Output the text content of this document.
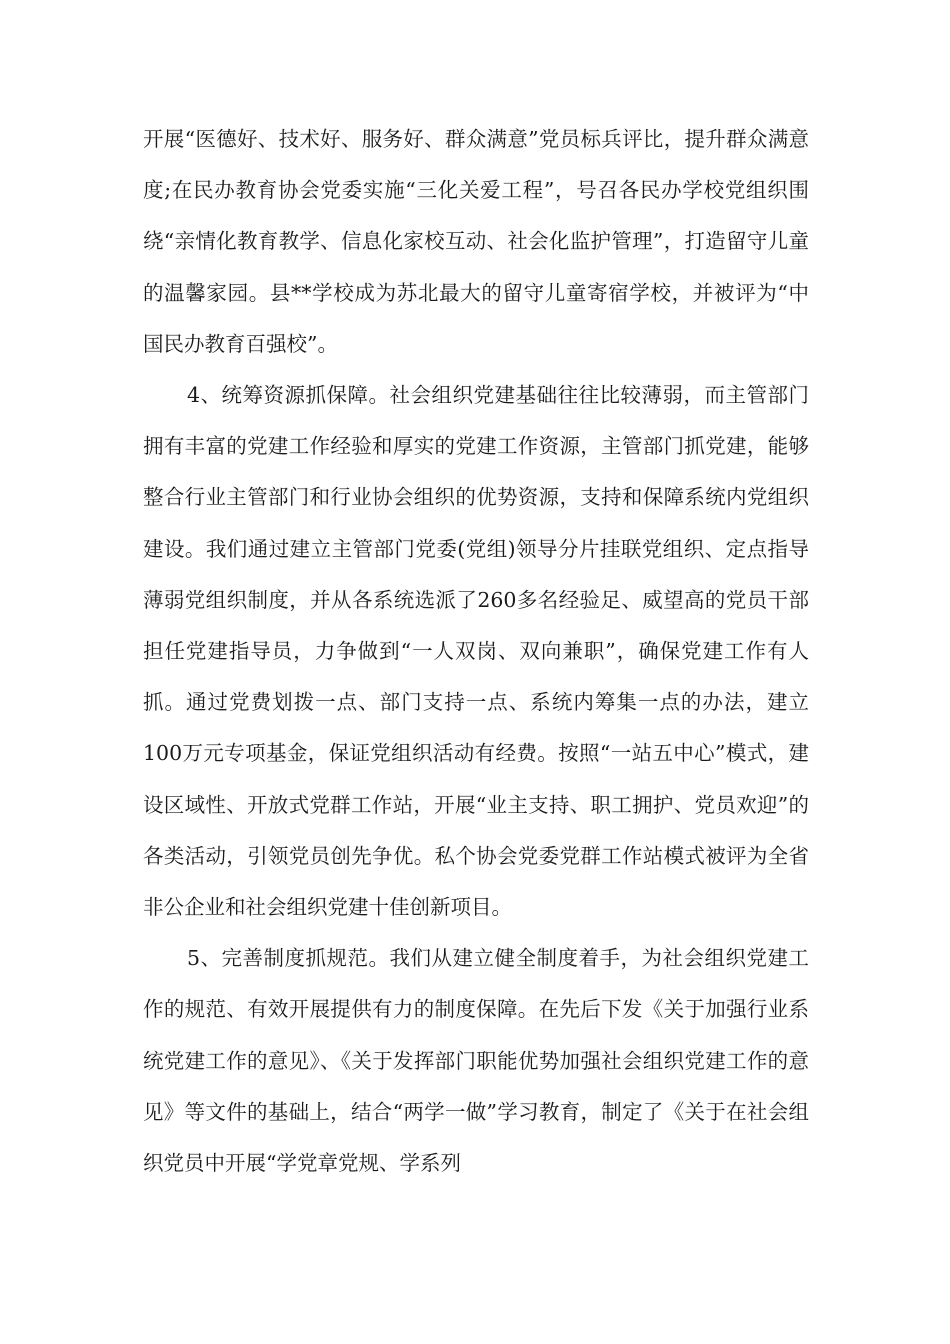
开展“医德好、技术好、服务好、群众满意”党员标兵评比，提升群众满意度;在民办教育协会党委实施“三化关爱工程”，号召各民办学校党组织围绕“亲情化教育教学、信息化家校互动、社会化监护管理”，打造留守儿童的温馨家园。县**学校成为苏北最大的留守儿童寄宿学校，并被评为“中国民办教育百强校”。

4、统筹资源抓保障。社会组织党建基础往往比较薄弱，而主管部门拥有丰富的党建工作经验和厚实的党建工作资源，主管部门抓党建，能够整合行业主管部门和行业协会组织的优势资源，支持和保障系统内党组织建设。我们通过建立主管部门党委(党组)领导分片挂联党组织、定点指导薄弱党组织制度，并从各系统选派了260多名经验足、威望高的党员干部担任党建指导员，力争做到“一人双岗、双向兼职”，确保党建工作有人抓。通过党费划拨一点、部门支持一点、系统内筹集一点的办法，建立100万元专项基金，保证党组织活动有经费。按照“一站五中心”模式，建设区域性、开放式党群工作站，开展“业主支持、职工拥护、党员欢迎”的各类活动，引领党员创先争优。私个协会党委党群工作站模式被评为全省非公企业和社会组织党建十佳创新项目。

5、完善制度抓规范。我们从建立健全制度着手，为社会组织党建工作的规范、有效开展提供有力的制度保障。在先后下发《关于加强行业系统党建工作的意见》、《关于发挥部门职能优势加强社会组织党建工作的意见》等文件的基础上，结合“两学一做”学习教育，制定了《关于在社会组织党员中开展“学党章党规、学系列
